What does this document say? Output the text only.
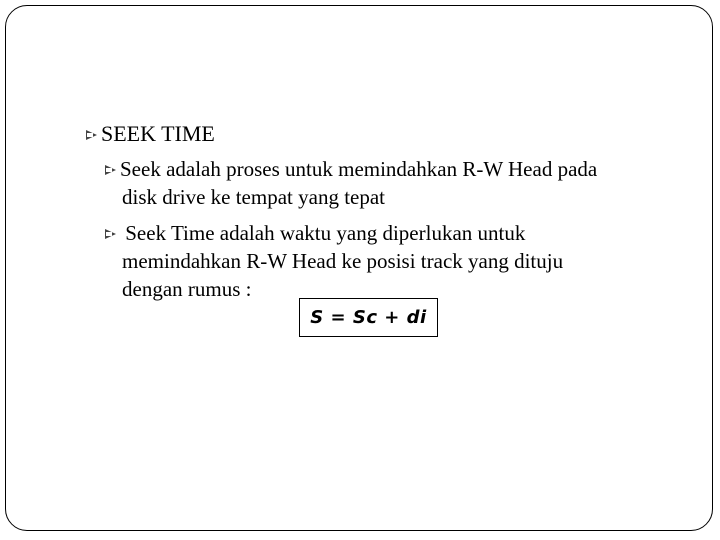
SEEK TIME
Seek adalah proses untuk memindahkan R-W Head pada
disk drive ke tempat yang tepat
Seek Time adalah waktu yang diperlukan untuk
memindahkan R-W Head ke posisi track yang dituju
dengan rumus :
S = Sc + di
